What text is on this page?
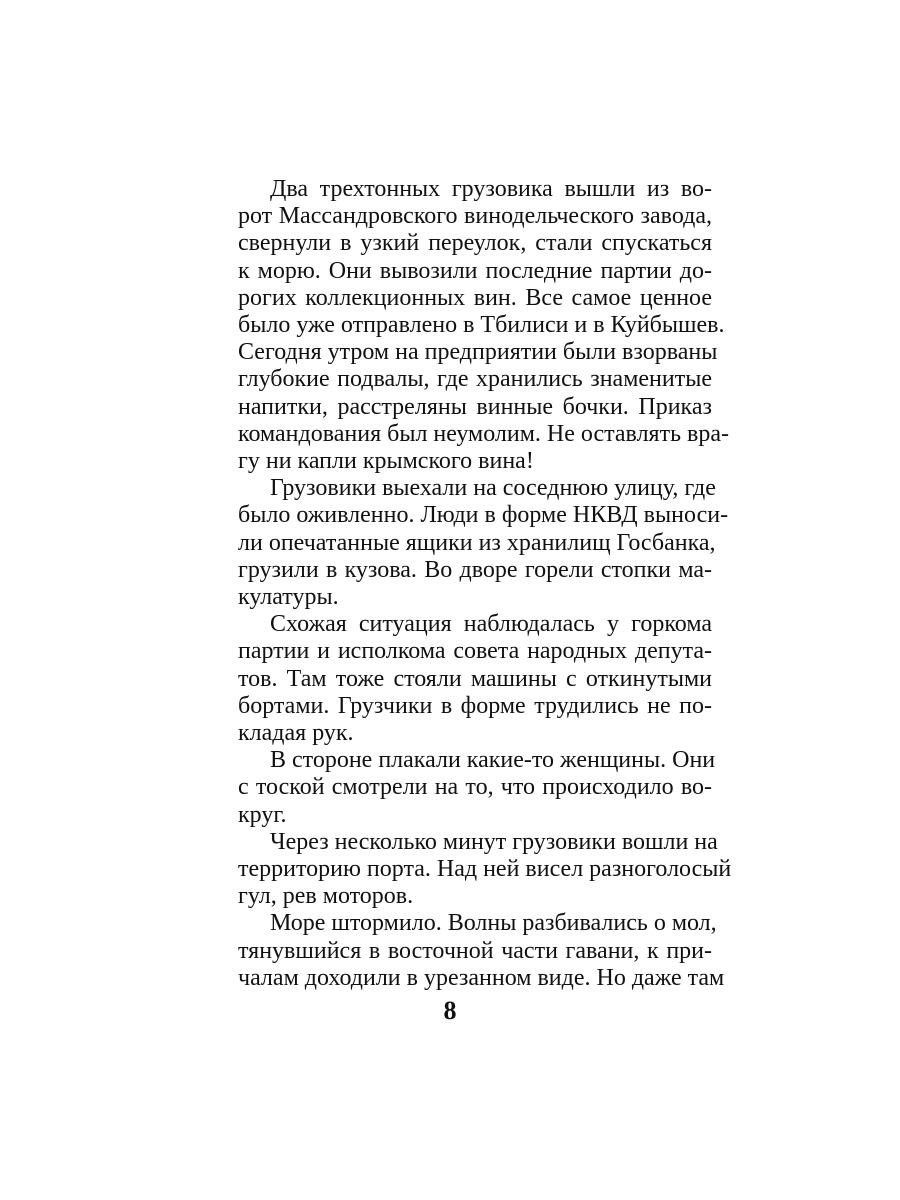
Два трехтонных грузовика вышли из во-
рот Массандровского винодельческого завода,
свернули в узкий переулок, стали спускаться
к морю. Они вывозили последние партии до-
рогих коллекционных вин. Все самое ценное
было уже отправлено в Тбилиси и в Куйбышев.
Сегодня утром на предприятии были взорваны
глубокие подвалы, где хранились знаменитые
напитки, расстреляны винные бочки. Приказ
командования был неумолим. Не оставлять вра-
гу ни капли крымского вина!
Грузовики выехали на соседнюю улицу, где
было оживленно. Люди в форме НКВД выноси-
ли опечатанные ящики из хранилищ Госбанка,
грузили в кузова. Во дворе горели стопки ма-
кулатуры.
Схожая ситуация наблюдалась у горкома
партии и исполкома совета народных депута-
тов. Там тоже стояли машины с откинутыми
бортами. Грузчики в форме трудились не по-
кладая рук.
В стороне плакали какие-то женщины. Они
с тоской смотрели на то, что происходило во-
круг.
Через несколько минут грузовики вошли на
территорию порта. Над ней висел разноголосый
гул, рев моторов.
Море штормило. Волны разбивались о мол,
тянувшийся в восточной части гавани, к при-
чалам доходили в урезанном виде. Но даже там
8
